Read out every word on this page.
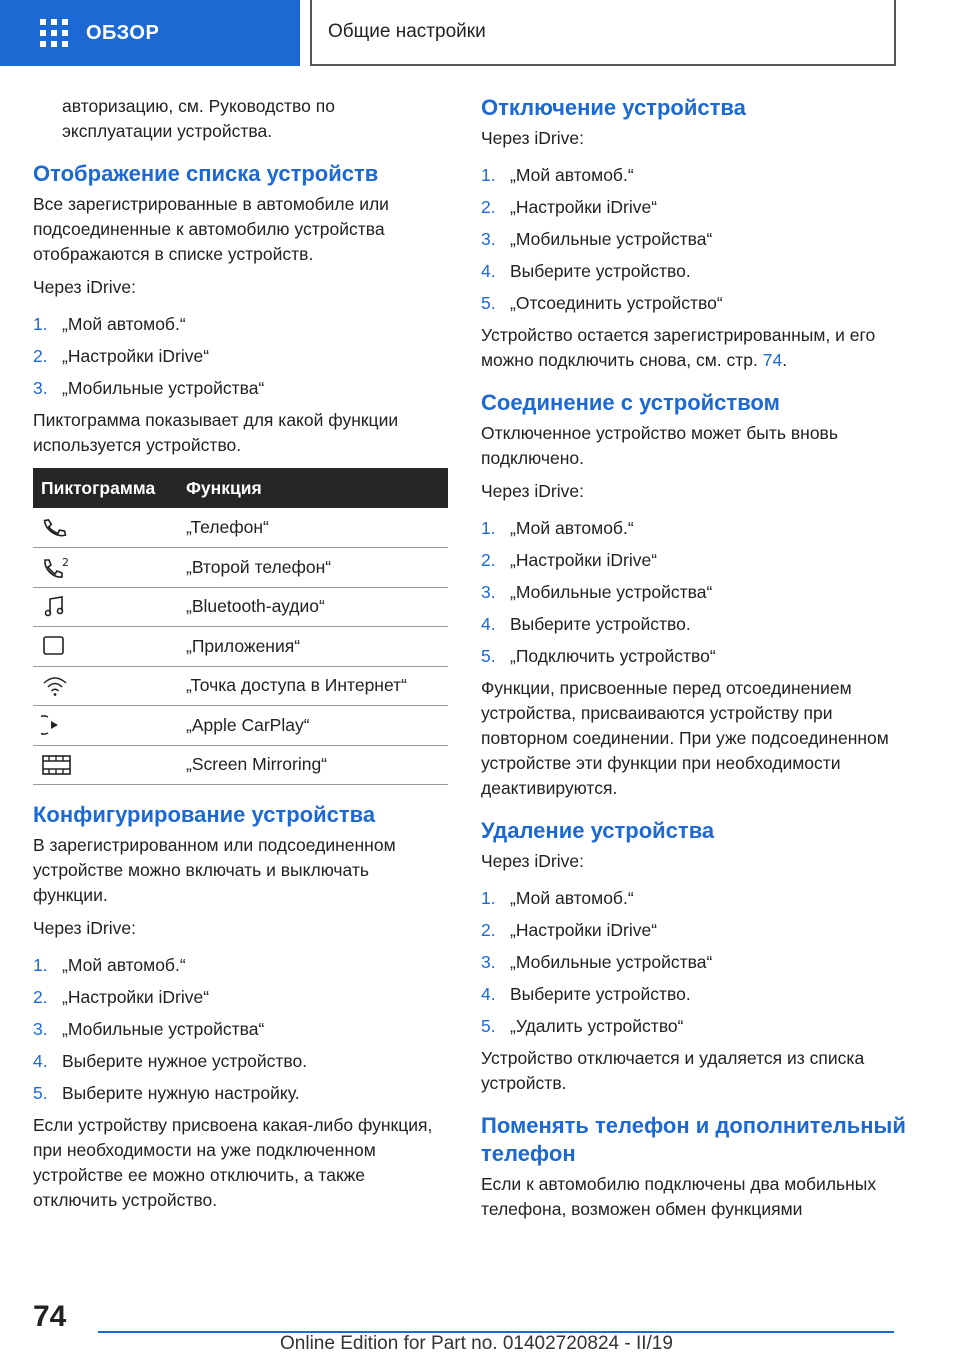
ОБЗОР	Общие настройки

авторизацию, см. Руководство по эксплуатации устройства.

Отображение списка устройств

Все зарегистрированные в автомобиле или подсоединенные к автомобилю устройства отображаются в списке устройств.

Через iDrive:

1. „Мой автомоб.“
2. „Настройки iDrive“
3. „Мобильные устройства“

Пиктограмма показывает для какой функции используется устройство.

Пиктограмма	Функция

	„Телефон“

2	„Второй телефон“

	„Bluetooth-аудио“

	„Приложения“

	„Точка доступа в Интернет“

	„Apple CarPlay“

	„Screen Mirroring“
Конфигурирование устройства

В зарегистрированном или подсоединенном устройстве можно включать и выключать функции.

Через iDrive:

1. „Мой автомоб.“
2. „Настройки iDrive“
3. „Мобильные устройства“
4. Выберите нужное устройство.
5. Выберите нужную настройку.

Если устройству присвоена какая-либо функция, при необходимости на уже подключенном устройстве ее можно отключить, а также отключить устройство.

Отключение устройства

Через iDrive:

1. „Мой автомоб.“
2. „Настройки iDrive“
3. „Мобильные устройства“
4. Выберите устройство.
5. „Отсоединить устройство“

Устройство остается зарегистрированным, и его можно подключить снова, см. стр. 74.

Соединение с устройством

Отключенное устройство может быть вновь подключено.

Через iDrive:

1. „Мой автомоб.“
2. „Настройки iDrive“
3. „Мобильные устройства“
4. Выберите устройство.
5. „Подключить устройство“

Функции, присвоенные перед отсоединением устройства, присваиваются устройству при повторном соединении. При уже подсоединенном устройстве эти функции при необходимости деактивируются.

Удаление устройства

Через iDrive:

1. „Мой автомоб.“
2. „Настройки iDrive“
3. „Мобильные устройства“
4. Выберите устройство.
5. „Удалить устройство“

Устройство отключается и удаляется из списка устройств.

Поменять телефон и дополнительный телефон

Если к автомобилю подключены два мобильных телефона, возможен обмен функциями

74
Online Edition for Part no. 01402720824 - II/19
